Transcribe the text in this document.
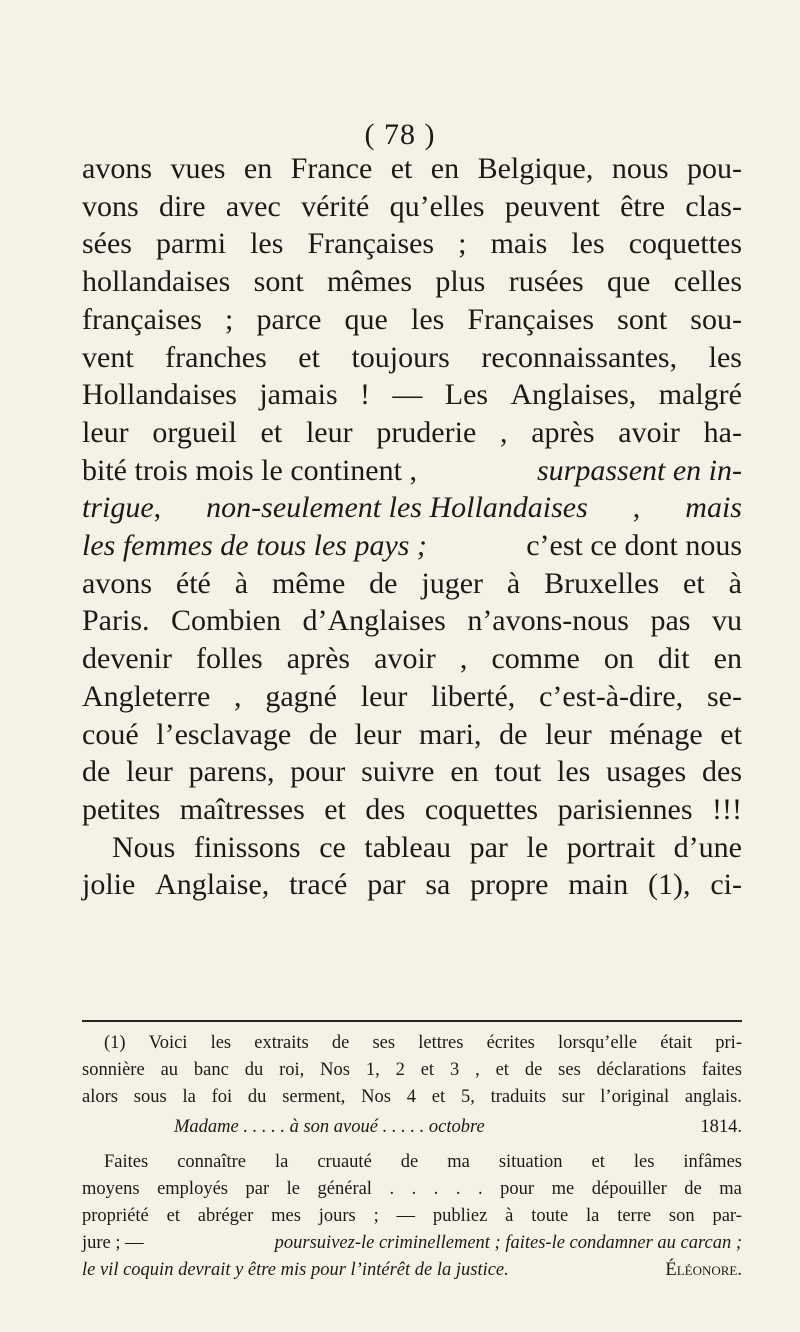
( 78 )
avons vues en France et en Belgique, nous pou-
vons dire avec vérité qu’elles peuvent être clas-
sées parmi les Françaises ; mais les coquettes
hollandaises sont mêmes plus rusées que celles
françaises ; parce que les Françaises sont sou-
vent franches et toujours reconnaissantes, les
Hollandaises jamais ! — Les Anglaises, malgré
leur orgueil et leur pruderie , après avoir ha-
bité trois mois le continent ,	surpassent en in-
trigue, non-seulement les Hollandaises , mais
les femmes de tous les pays ;	c’est ce dont nous
avons été à même de juger à Bruxelles et à
Paris. Combien d’Anglaises n’avons-nous pas vu
devenir folles après avoir , comme on dit en
Angleterre , gagné leur liberté, c’est-à-dire, se-
coué l’esclavage de leur mari, de leur ménage et
de leur parens, pour suivre en tout les usages des
petites maîtresses et des coquettes parisiennes !!!
Nous finissons ce tableau par le portrait d’une
jolie Anglaise, tracé par sa propre main (1), ci-
(1) Voici les extraits de ses lettres écrites lorsqu’elle était pri-
sonnière au banc du roi, Nos 1, 2 et 3 , et de ses déclarations faites
alors sous la foi du serment, Nos 4 et 5, traduits sur l’original anglais.
Madame . . . . . à son avoué . . . . . octobre	1814.
Faites connaître la cruauté de ma situation et les infâmes
moyens employés par le général . . . . . pour me dépouiller de ma
propriété et abréger mes jours ; — publiez à toute la terre son par-
jure ; —	poursuivez-le criminellement ; faites-le condamner au carcan ;
le vil coquin devrait y être mis pour l’intérêt de la justice.	Éléonore.
